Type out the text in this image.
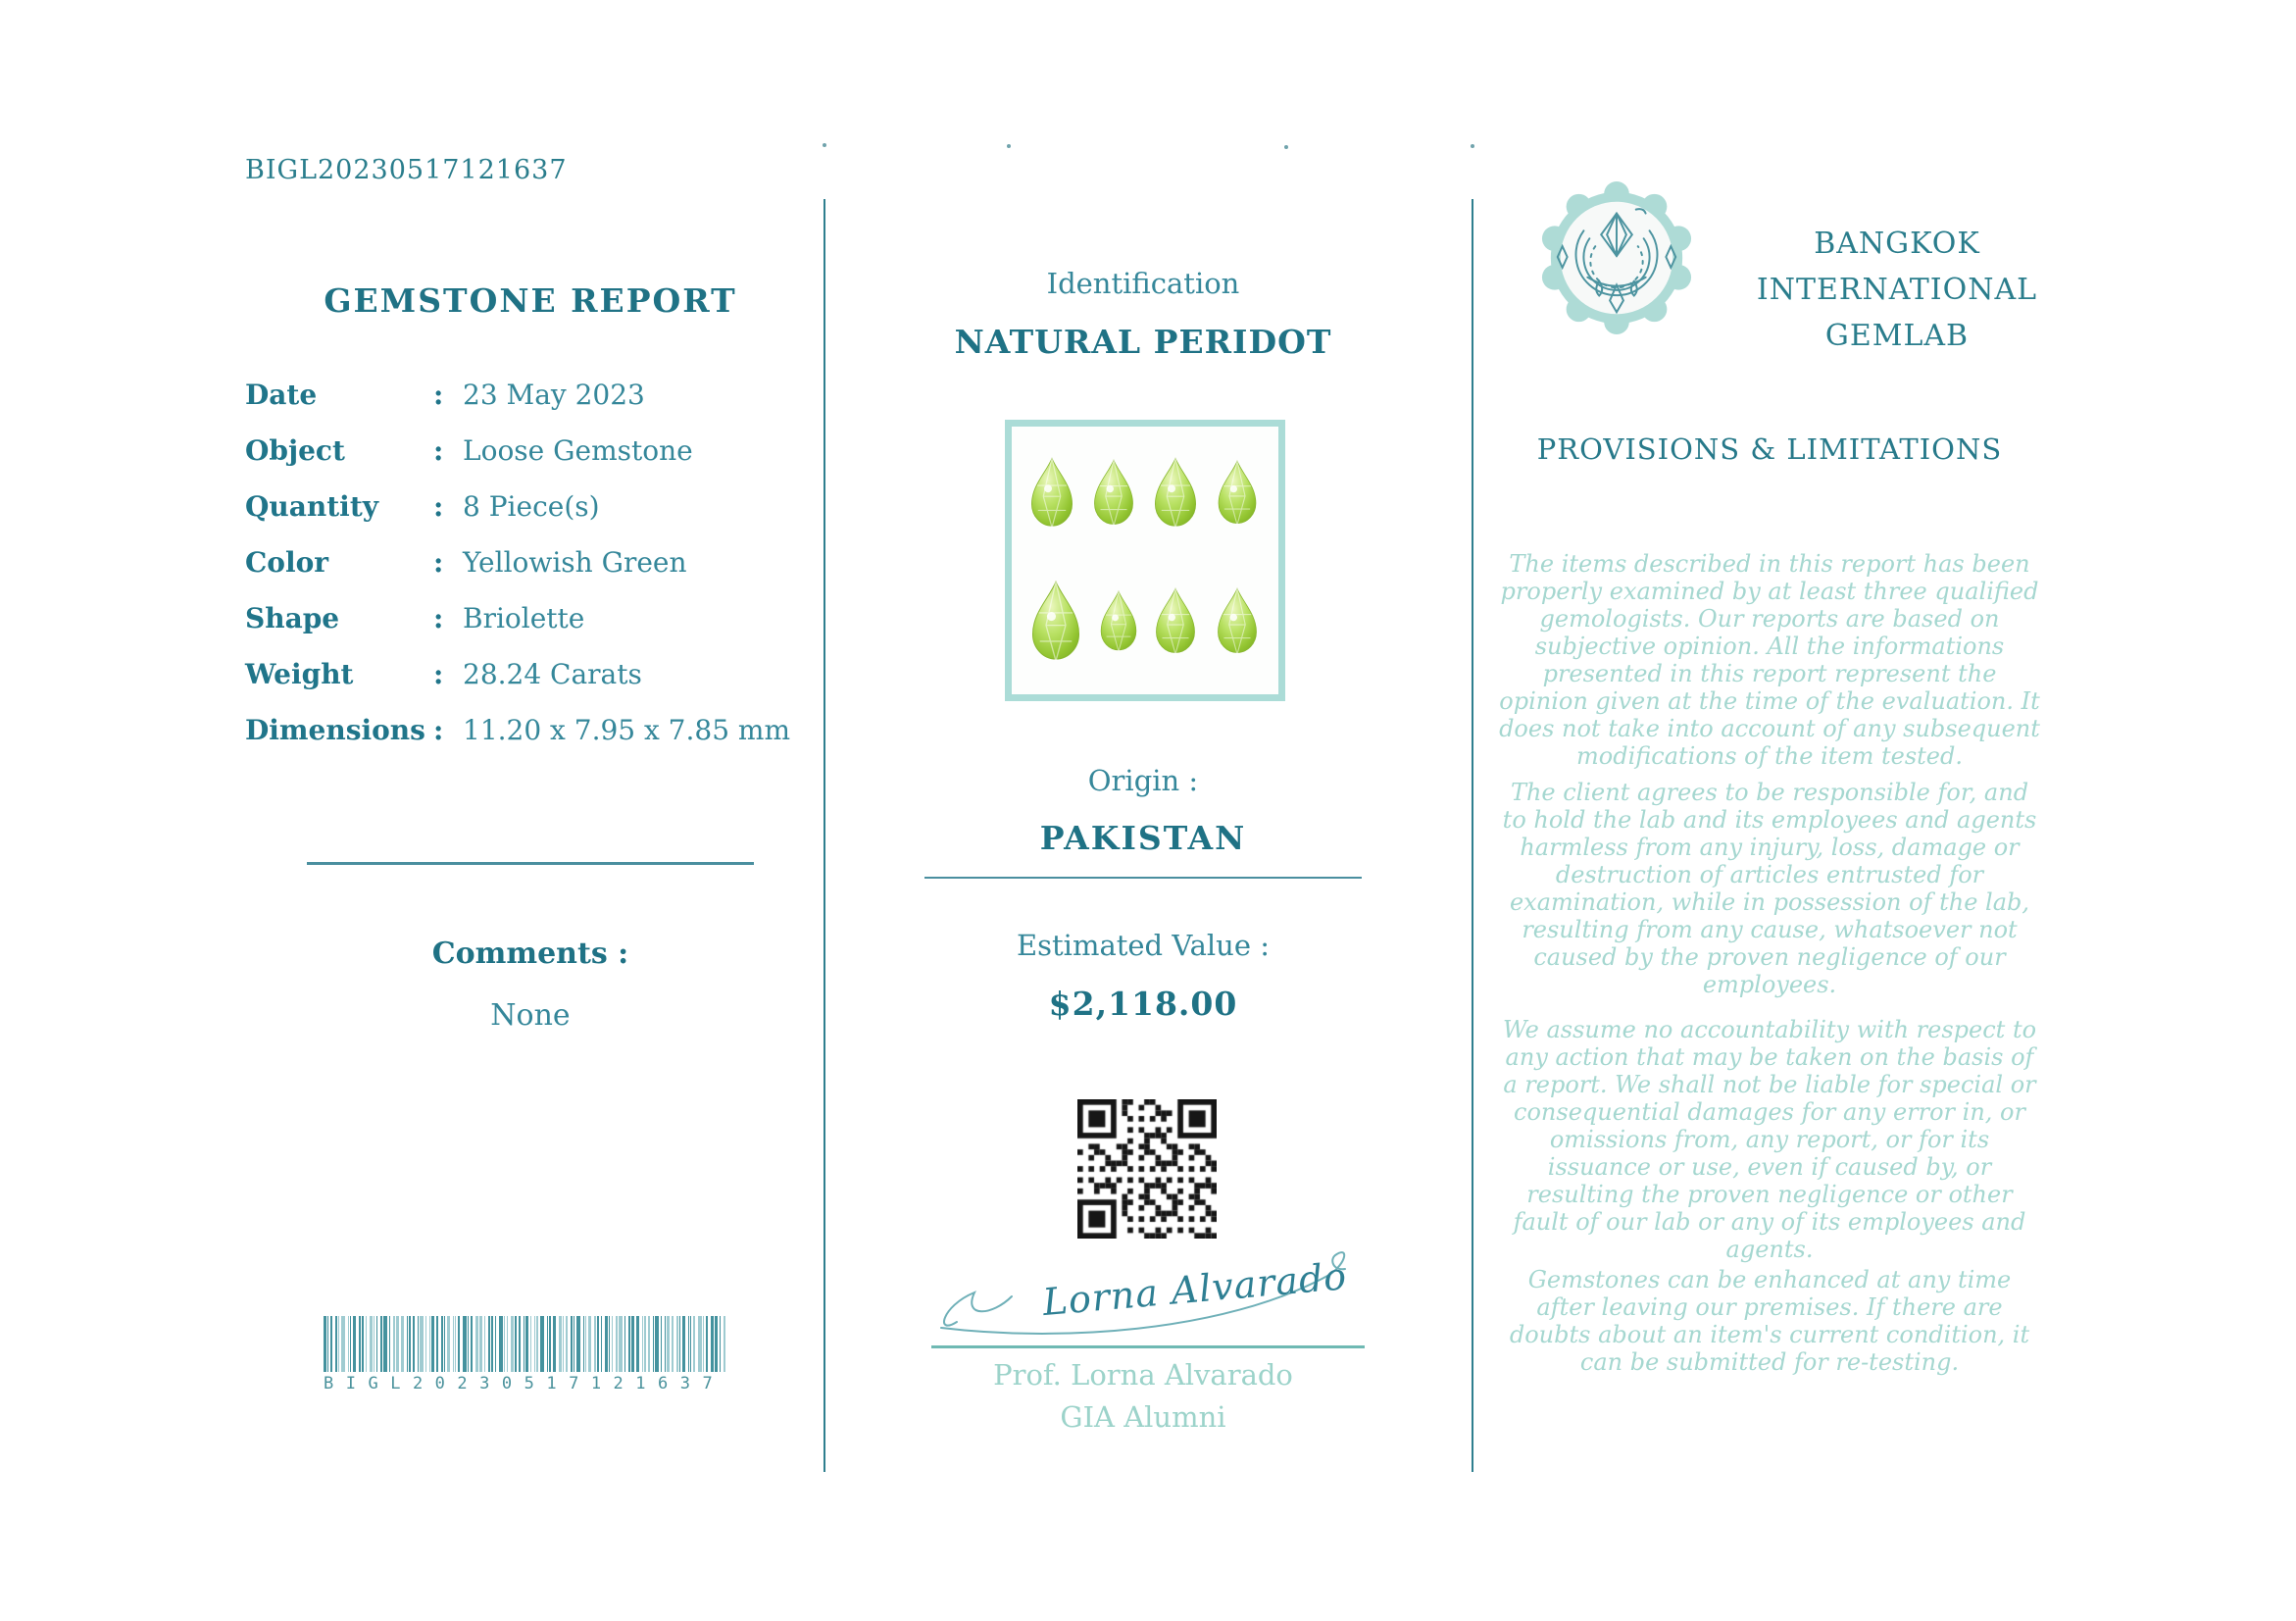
BIGL20230517121637
GEMSTONE REPORT
Date	: 23 May 2023
Object	: Loose Gemstone
Quantity	: 8 Piece(s)
Color	: Yellowish Green
Shape	: Briolette
Weight	: 28.24 Carats
Dimensions : 11.20 x 7.95 x 7.85 mm
Comments :
None
BIGL20230517121637
Identification
NATURAL PERIDOT
Origin :
PAKISTAN
Estimated Value :
$2,118.00
Lorna Alvarado
Prof. Lorna Alvarado
GIA Alumni
BANGKOK
INTERNATIONAL
GEMLAB
PROVISIONS & LIMITATIONS

The items described in this report has been properly examined by at least three qualified gemologists. Our reports are based on subjective opinion. All the informations presented in this report represent the opinion given at the time of the evaluation. It does not take into account of any subsequent modifications of the item tested.

The client agrees to be responsible for, and to hold the lab and its employees and agents harmless from any injury, loss, damage or destruction of articles entrusted for examination, while in possession of the lab, resulting from any cause, whatsoever not caused by the proven negligence of our employees.

We assume no accountability with respect to any action that may be taken on the basis of a report. We shall not be liable for special or consequential damages for any error in, or omissions from, any report, or for its issuance or use, even if caused by, or resulting the proven negligence or other fault of our lab or any of its employees and agents.

Gemstones can be enhanced at any time after leaving our premises. If there are doubts about an item's current condition, it can be submitted for re-testing.
